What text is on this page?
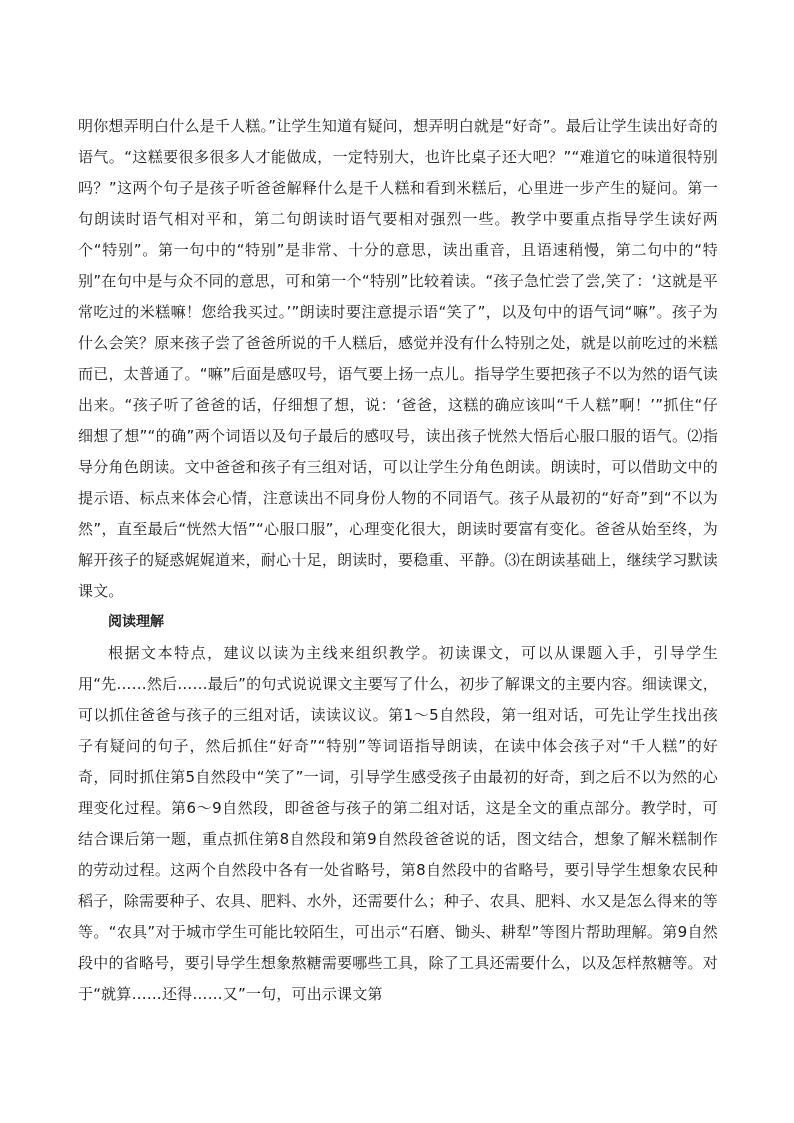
明你想弄明白什么是千人糕。”让学生知道有疑问，想弄明白就是“好奇”。最后让学生读出好奇的语气。“这糕要很多很多人才能做成，一定特别大，也许比桌子还大吧？”“难道它的味道很特别吗？”这两个句子是孩子听爸爸解释什么是千人糕和看到米糕后，心里进一步产生的疑问。第一句朗读时语气相对平和，第二句朗读时语气要相对强烈一些。教学中要重点指导学生读好两个“特别”。第一句中的“特别”是非常、十分的意思，读出重音，且语速稍慢，第二句中的“特别”在句中是与众不同的意思，可和第一个“特别”比较着读。“孩子急忙尝了尝,笑了：‘这就是平常吃过的米糕嘛！您给我买过。’”朗读时要注意提示语“笑了”，以及句中的语气词“嘛”。孩子为什么会笑？原来孩子尝了爸爸所说的千人糕后，感觉并没有什么特别之处，就是以前吃过的米糕而已，太普通了。“嘛”后面是感叹号，语气要上扬一点儿。指导学生要把孩子不以为然的语气读出来。“孩子听了爸爸的话，仔细想了想，说：‘爸爸，这糕的确应该叫“千人糕”啊！’”抓住“仔细想了想”“的确”两个词语以及句子最后的感叹号，读出孩子恍然大悟后心服口服的语气。⑵指导分角色朗读。文中爸爸和孩子有三组对话，可以让学生分角色朗读。朗读时，可以借助文中的提示语、标点来体会心情，注意读出不同身份人物的不同语气。孩子从最初的“好奇”到“不以为然”，直至最后“恍然大悟”“心服口服”，心理变化很大，朗读时要富有变化。爸爸从始至终，为解开孩子的疑惑娓娓道来，耐心十足，朗读时，要稳重、平静。⑶在朗读基础上，继续学习默读课文。

阅读理解

根据文本特点，建议以读为主线来组织教学。初读课文，可以从课题入手，引导学生用“先……然后……最后”的句式说说课文主要写了什么，初步了解课文的主要内容。细读课文，可以抓住爸爸与孩子的三组对话，读读议议。第1～5自然段，第一组对话，可先让学生找出孩子有疑问的句子，然后抓住“好奇”“特别”等词语指导朗读，在读中体会孩子对“千人糕”的好奇，同时抓住第5自然段中“笑了”一词，引导学生感受孩子由最初的好奇，到之后不以为然的心理变化过程。第6～9自然段，即爸爸与孩子的第二组对话，这是全文的重点部分。教学时，可结合课后第一题，重点抓住第8自然段和第9自然段爸爸说的话，图文结合，想象了解米糕制作的劳动过程。这两个自然段中各有一处省略号，第8自然段中的省略号，要引导学生想象农民种稻子，除需要种子、农具、肥料、水外，还需要什么；种子、农具、肥料、水又是怎么得来的等等。“农具”对于城市学生可能比较陌生，可出示“石磨、锄头、耕犁”等图片帮助理解。第9自然段中的省略号，要引导学生想象熬糖需要哪些工具，除了工具还需要什么，以及怎样熬糖等。对于“就算……还得……又”一句，可出示课文第
